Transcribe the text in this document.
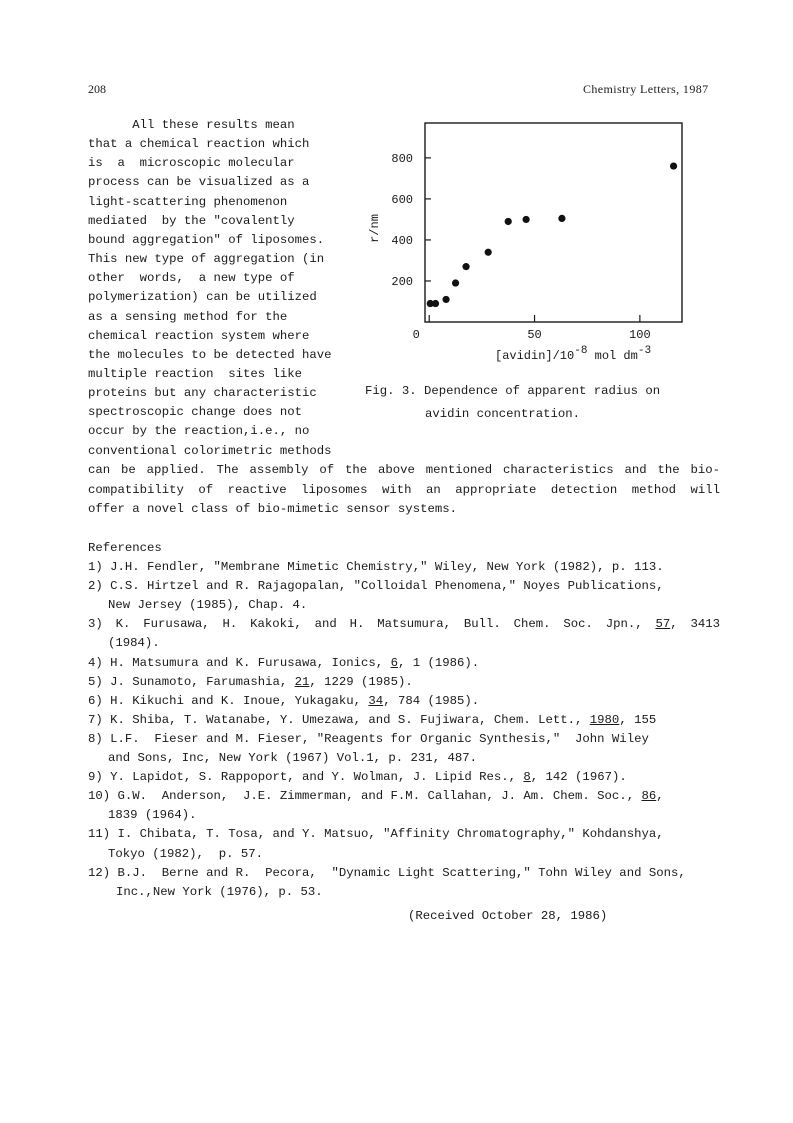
208	Chemistry Letters, 1987
All these results mean
that a chemical reaction which
is  a  microscopic molecular
process can be visualized as a
light-scattering phenomenon
mediated  by the "covalently
bound aggregation" of liposomes.
This new type of aggregation (in
other  words,  a new type of
polymerization) can be utilized
as a sensing method for the
chemical reaction system where
the molecules to be detected have
multiple reaction  sites like
proteins but any characteristic
spectroscopic change does not
occur by the reaction,i.e., no
conventional colorimetric methods
can be applied. The assembly of the above mentioned characteristics and the bio-
compatibility of reactive liposomes with an appropriate detection method will
offer a novel class of bio-mimetic sensor systems.
200
400
600
800
0	50	100
r/nm
[avidin]/10-8 mol dm-3
Fig. 3. Dependence of apparent radius on
avidin concentration.
References
1) J.H. Fendler, "Membrane Mimetic Chemistry," Wiley, New York (1982), p. 113.
2) C.S. Hirtzel and R. Rajagopalan, "Colloidal Phenomena," Noyes Publications,
New Jersey (1985), Chap. 4.
3) K. Furusawa, H. Kakoki, and H. Matsumura, Bull. Chem. Soc. Jpn., 57, 3413
(1984).
4) H. Matsumura and K. Furusawa, Ionics, 6, 1 (1986).
5) J. Sunamoto, Farumashia, 21, 1229 (1985).
6) H. Kikuchi and K. Inoue, Yukagaku, 34, 784 (1985).
7) K. Shiba, T. Watanabe, Y. Umezawa, and S. Fujiwara, Chem. Lett., 1980, 155
8) L.F.  Fieser and M. Fieser, "Reagents for Organic Synthesis,"  John Wiley
and Sons, Inc, New York (1967) Vol.1, p. 231, 487.
9) Y. Lapidot, S. Rappoport, and Y. Wolman, J. Lipid Res., 8, 142 (1967).
10) G.W.  Anderson,  J.E. Zimmerman, and F.M. Callahan, J. Am. Chem. Soc., 86,
1839 (1964).
11) I. Chibata, T. Tosa, and Y. Matsuo, "Affinity Chromatography," Kohdanshya,
Tokyo (1982),  p. 57.
12) B.J.  Berne and R.  Pecora,  "Dynamic Light Scattering," Tohn Wiley and Sons,
Inc.,New York (1976), p. 53.
(Received October 28, 1986)
